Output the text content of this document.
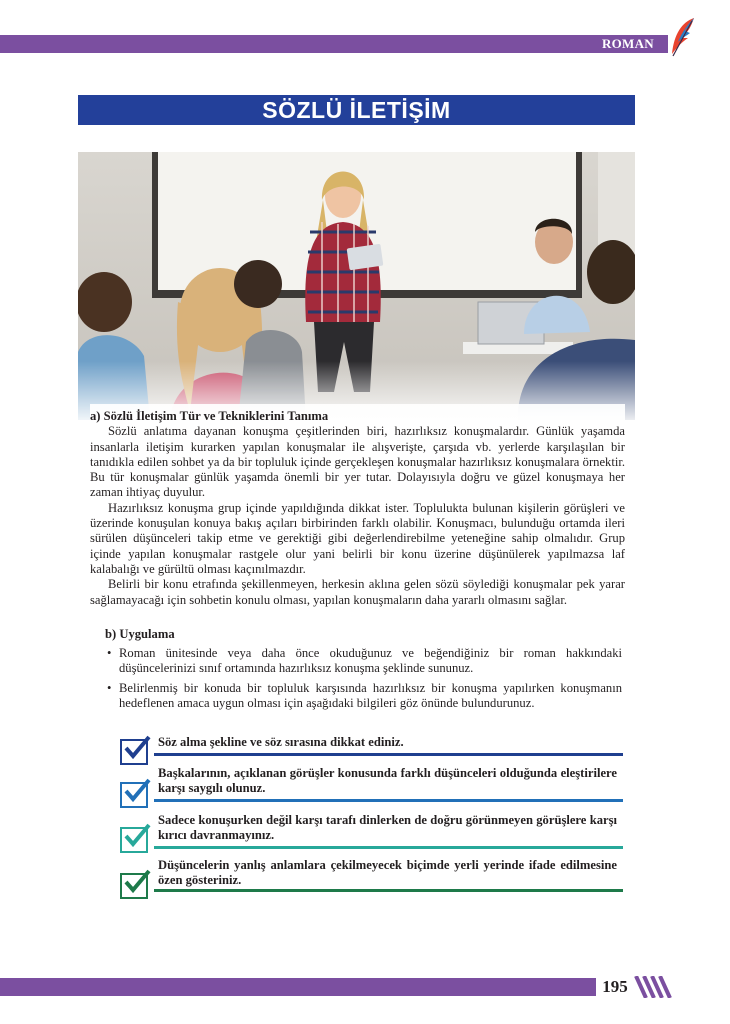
ROMAN
SÖZLÜ İLETİŞİM

a) Sözlü İletişim Tür ve Tekniklerini Tanıma

Sözlü anlatıma dayanan konuşma çeşitlerinden biri, hazırlıksız konuşmalardır. Günlük yaşamda insanlarla iletişim kurarken yapılan konuşmalar ile alışverişte, çarşıda vb. yerlerde karşılaşılan bir tanıdıkla edilen sohbet ya da bir topluluk içinde gerçekleşen konuşmalar hazırlıksız konuşmalara örnektir. Bu tür konuşmalar günlük yaşamda önemli bir yer tutar. Dolayısıyla doğru ve güzel konuşmaya her zaman ihtiyaç duyulur.

Hazırlıksız konuşma grup içinde yapıldığında dikkat ister. Toplulukta bulunan kişilerin görüşleri ve üzerinde konuşulan konuya bakış açıları birbirinden farklı olabilir. Konuşmacı, bulunduğu ortamda ileri sürülen düşünceleri takip etme ve gerektiği gibi değerlendirebilme yeteneğine sahip olmalıdır. Grup içinde yapılan konuşmalar rastgele olur yani belirli bir konu üzerine düşünülerek yapılmazsa laf kalabalığı ve gürültü olması kaçınılmazdır.

Belirli bir konu etrafında şekillenmeyen, herkesin aklına gelen sözü söylediği konuşmalar pek yarar sağlamayacağı için sohbetin konulu olması, yapılan konuşmaların daha yararlı olmasını sağlar.

b) Uygulama
• Roman ünitesinde veya daha önce okuduğunuz ve beğendiğiniz bir roman hakkındaki düşüncelerinizi sınıf ortamında hazırlıksız konuşma şeklinde sununuz.
• Belirlenmiş bir konuda bir topluluk karşısında hazırlıksız bir konuşma yapılırken konuşmanın hedeflenen amaca uygun olması için aşağıdaki bilgileri göz önünde bulundurunuz.
Söz alma şekline ve söz sırasına dikkat ediniz.
Başkalarının, açıklanan görüşler konusunda farklı düşünceleri olduğunda eleştirilere karşı saygılı olunuz.
Sadece konuşurken değil karşı tarafı dinlerken de doğru görünmeyen görüşlere karşı kırıcı davranmayınız.
Düşüncelerin yanlış anlamlara çekilmeyecek biçimde yerli yerinde ifade edilmesine özen gösteriniz.
195
